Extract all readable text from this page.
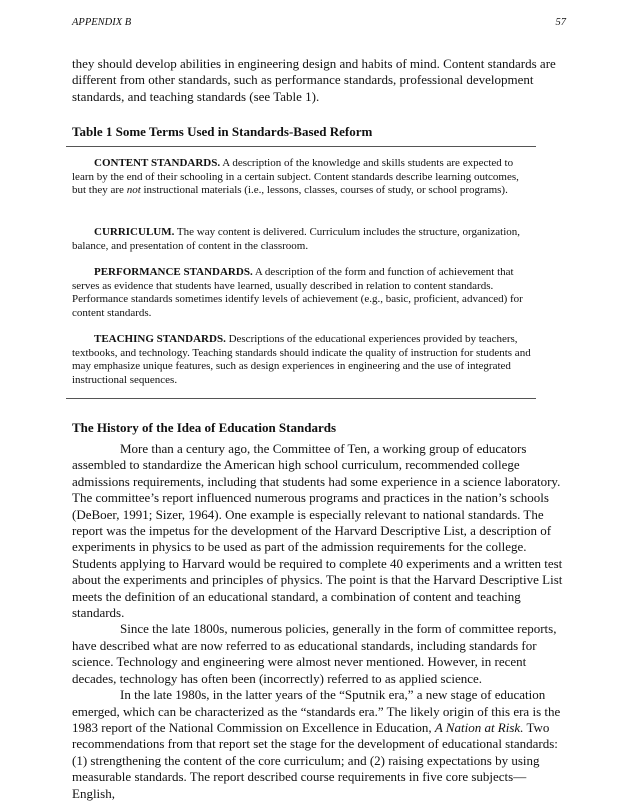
APPENDIX B	57
they should develop abilities in engineering design and habits of mind. Content standards are different from other standards, such as performance standards, professional development standards, and teaching standards (see Table 1).
Table 1 Some Terms Used in Standards-Based Reform
CONTENT STANDARDS. A description of the knowledge and skills students are expected to learn by the end of their schooling in a certain subject. Content standards describe learning outcomes, but they are not instructional materials (i.e., lessons, classes, courses of study, or school programs).
CURRICULUM. The way content is delivered. Curriculum includes the structure, organization, balance, and presentation of content in the classroom.
PERFORMANCE STANDARDS. A description of the form and function of achievement that serves as evidence that students have learned, usually described in relation to content standards. Performance standards sometimes identify levels of achievement (e.g., basic, proficient, advanced) for content standards.
TEACHING STANDARDS. Descriptions of the educational experiences provided by teachers, textbooks, and technology. Teaching standards should indicate the quality of instruction for students and may emphasize unique features, such as design experiences in engineering and the use of integrated instructional sequences.
The History of the Idea of Education Standards

More than a century ago, the Committee of Ten, a working group of educators assembled to standardize the American high school curriculum, recommended college admissions requirements, including that students had some experience in a science laboratory. The committee’s report influenced numerous programs and practices in the nation’s schools (DeBoer, 1991; Sizer, 1964). One example is especially relevant to national standards. The report was the impetus for the development of the Harvard Descriptive List, a description of experiments in physics to be used as part of the admission requirements for the college. Students applying to Harvard would be required to complete 40 experiments and a written test about the experiments and principles of physics. The point is that the Harvard Descriptive List meets the definition of an educational standard, a combination of content and teaching standards.

Since the late 1800s, numerous policies, generally in the form of committee reports, have described what are now referred to as educational standards, including standards for science. Technology and engineering were almost never mentioned. However, in recent decades, technology has often been (incorrectly) referred to as applied science.

In the late 1980s, in the latter years of the “Sputnik era,” a new stage of education emerged, which can be characterized as the “standards era.” The likely origin of this era is the 1983 report of the National Commission on Excellence in Education, A Nation at Risk. Two recommendations from that report set the stage for the development of educational standards: (1) strengthening the content of the core curriculum; and (2) raising expectations by using measurable standards. The report described course requirements in five core subjects—English,
